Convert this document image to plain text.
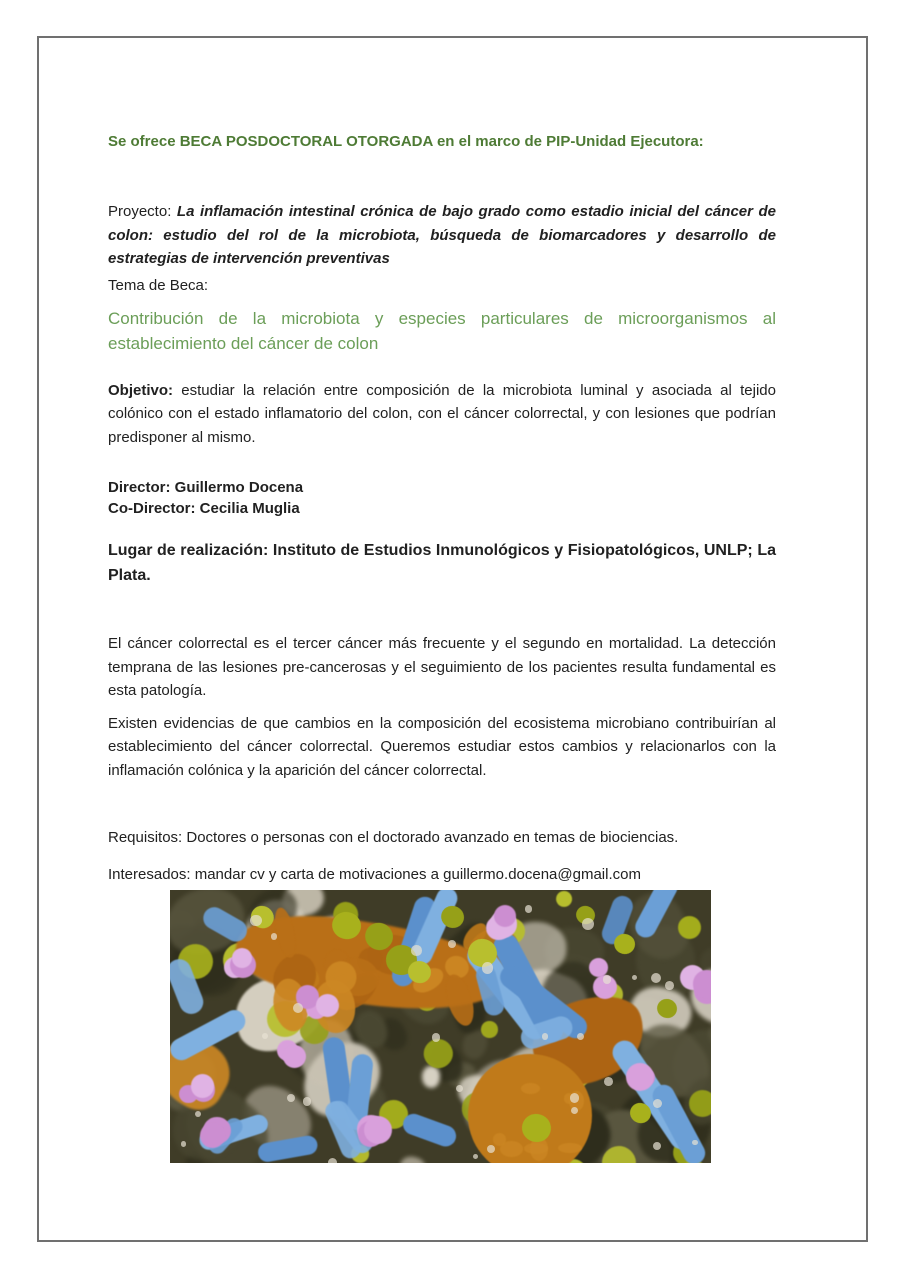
Se ofrece BECA POSDOCTORAL OTORGADA en el marco de PIP-Unidad Ejecutora:

Proyecto: La inflamación intestinal crónica de bajo grado como estadio inicial del cáncer de colon: estudio del rol de la microbiota, búsqueda de biomarcadores y desarrollo de estrategias de intervención preventivas

Tema de Beca:

Contribución de la microbiota y especies particulares de microorganismos al establecimiento del cáncer de colon

Objetivo: estudiar la relación entre composición de la microbiota luminal y asociada al tejido colónico con el estado inflamatorio del colon, con el cáncer colorrectal, y con lesiones que podrían predisponer al mismo.

Director: Guillermo Docena

Co-Director: Cecilia Muglia

Lugar de realización: Instituto de Estudios Inmunológicos y Fisiopatológicos, UNLP; La Plata.

El cáncer colorrectal es el tercer cáncer más frecuente y el segundo en mortalidad. La detección temprana de las lesiones pre-cancerosas y el seguimiento de los pacientes resulta fundamental es esta patología.

Existen evidencias de que cambios en la composición del ecosistema microbiano contribuirían al establecimiento del cáncer colorrectal. Queremos estudiar estos cambios y relacionarlos con la inflamación colónica y la aparición del cáncer colorrectal.

Requisitos: Doctores o personas con el doctorado avanzado en temas de biociencias.

Interesados: mandar cv y carta de motivaciones a guillermo.docena@gmail.com
